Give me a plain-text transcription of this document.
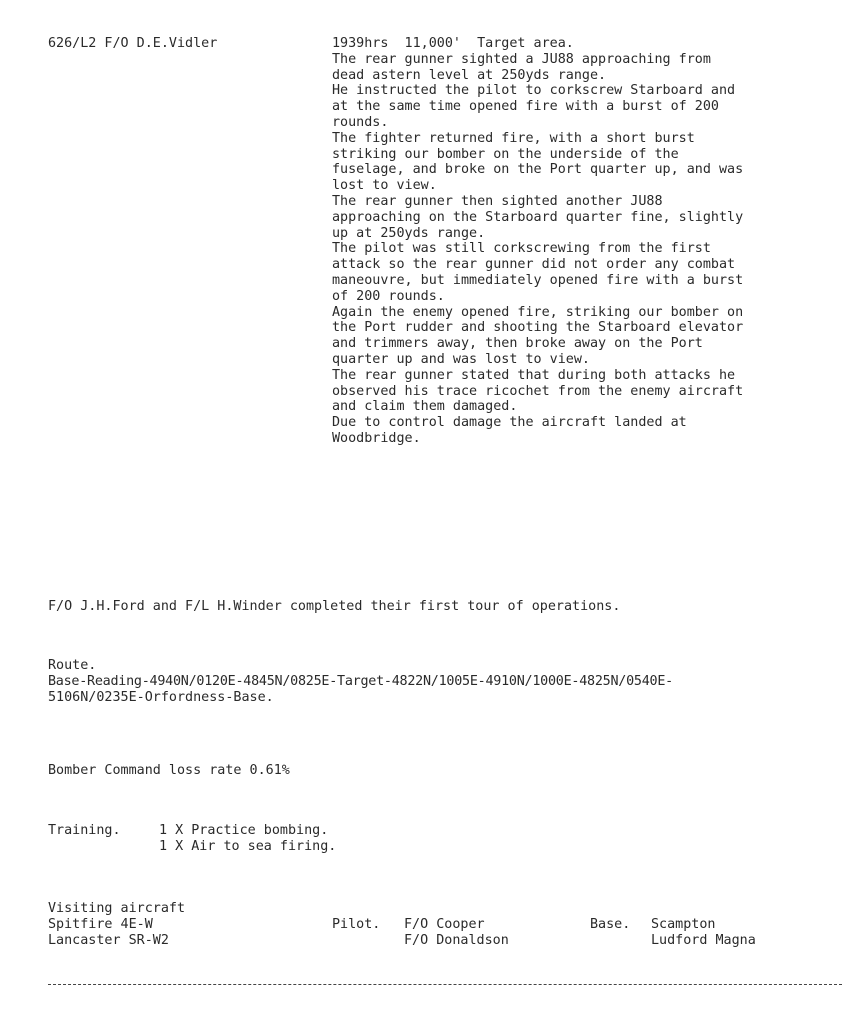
626/L2 F/O D.E.Vidler	1939hrs  11,000'  Target area.
The rear gunner sighted a JU88 approaching from
dead astern level at 250yds range.
He instructed the pilot to corkscrew Starboard and
at the same time opened fire with a burst of 200
rounds.
The fighter returned fire, with a short burst
striking our bomber on the underside of the
fuselage, and broke on the Port quarter up, and was
lost to view.
The rear gunner then sighted another JU88
approaching on the Starboard quarter fine, slightly
up at 250yds range.
The pilot was still corkscrewing from the first
attack so the rear gunner did not order any combat
maneouvre, but immediately opened fire with a burst
of 200 rounds.
Again the enemy opened fire, striking our bomber on
the Port rudder and shooting the Starboard elevator
and trimmers away, then broke away on the Port
quarter up and was lost to view.
The rear gunner stated that during both attacks he
observed his trace ricochet from the enemy aircraft
and claim them damaged.
Due to control damage the aircraft landed at
Woodbridge.
F/O J.H.Ford and F/L H.Winder completed their first tour of operations.
Route.
Base-Reading-4940N/0120E-4845N/0825E-Target-4822N/1005E-4910N/1000E-4825N/0540E-
5106N/0235E-Orfordness-Base.
Bomber Command loss rate 0.61%
Training.	1 X Practice bombing.
1 X Air to sea firing.
Visiting aircraft
Spitfire 4E-W
Lancaster SR-W2
Pilot. F/O Cooper
F/O Donaldson
Base. Scampton
Ludford Magna
